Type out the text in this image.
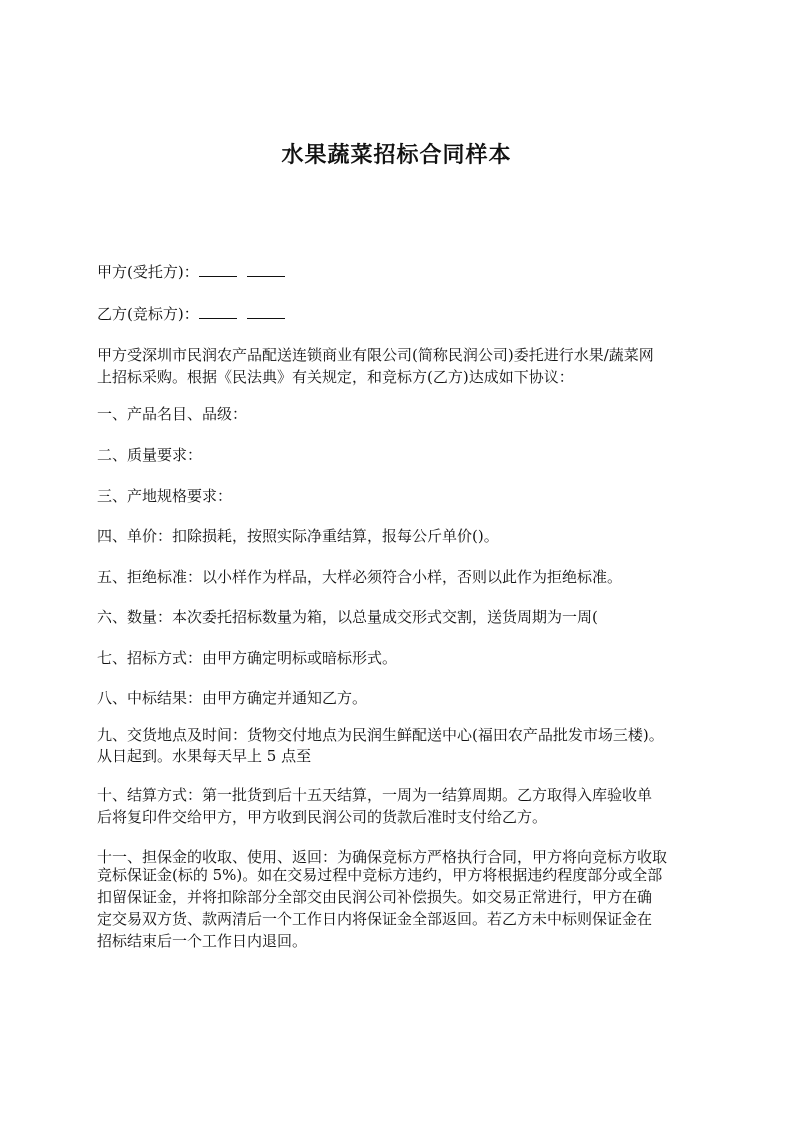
水果蔬菜招标合同样本
甲方(受托方)：
乙方(竞标方)：
甲方受深圳市民润农产品配送连锁商业有限公司(简称民润公司)委托进行水果/蔬菜网
上招标采购。根据《民法典》有关规定，和竞标方(乙方)达成如下协议：
一、产品名目、品级：
二、质量要求：
三、产地规格要求：
四、单价：扣除损耗，按照实际净重结算，报每公斤单价()。
五、拒绝标准：以小样作为样品，大样必须符合小样，否则以此作为拒绝标准。
六、数量：本次委托招标数量为箱，以总量成交形式交割，送货周期为一周(
七、招标方式：由甲方确定明标或暗标形式。
八、中标结果：由甲方确定并通知乙方。
九、交货地点及时间：货物交付地点为民润生鲜配送中心(福田农产品批发市场三楼)。
从日起到。水果每天早上 5 点至
十、结算方式：第一批货到后十五天结算，一周为一结算周期。乙方取得入库验收单
后将复印件交给甲方，甲方收到民润公司的货款后准时支付给乙方。
十一、担保金的收取、使用、返回：为确保竞标方严格执行合同，甲方将向竞标方收取
竞标保证金(标的 5%)。如在交易过程中竞标方违约，甲方将根据违约程度部分或全部
扣留保证金，并将扣除部分全部交由民润公司补偿损失。如交易正常进行，甲方在确
定交易双方货、款两清后一个工作日内将保证金全部返回。若乙方未中标则保证金在
招标结束后一个工作日内退回。
